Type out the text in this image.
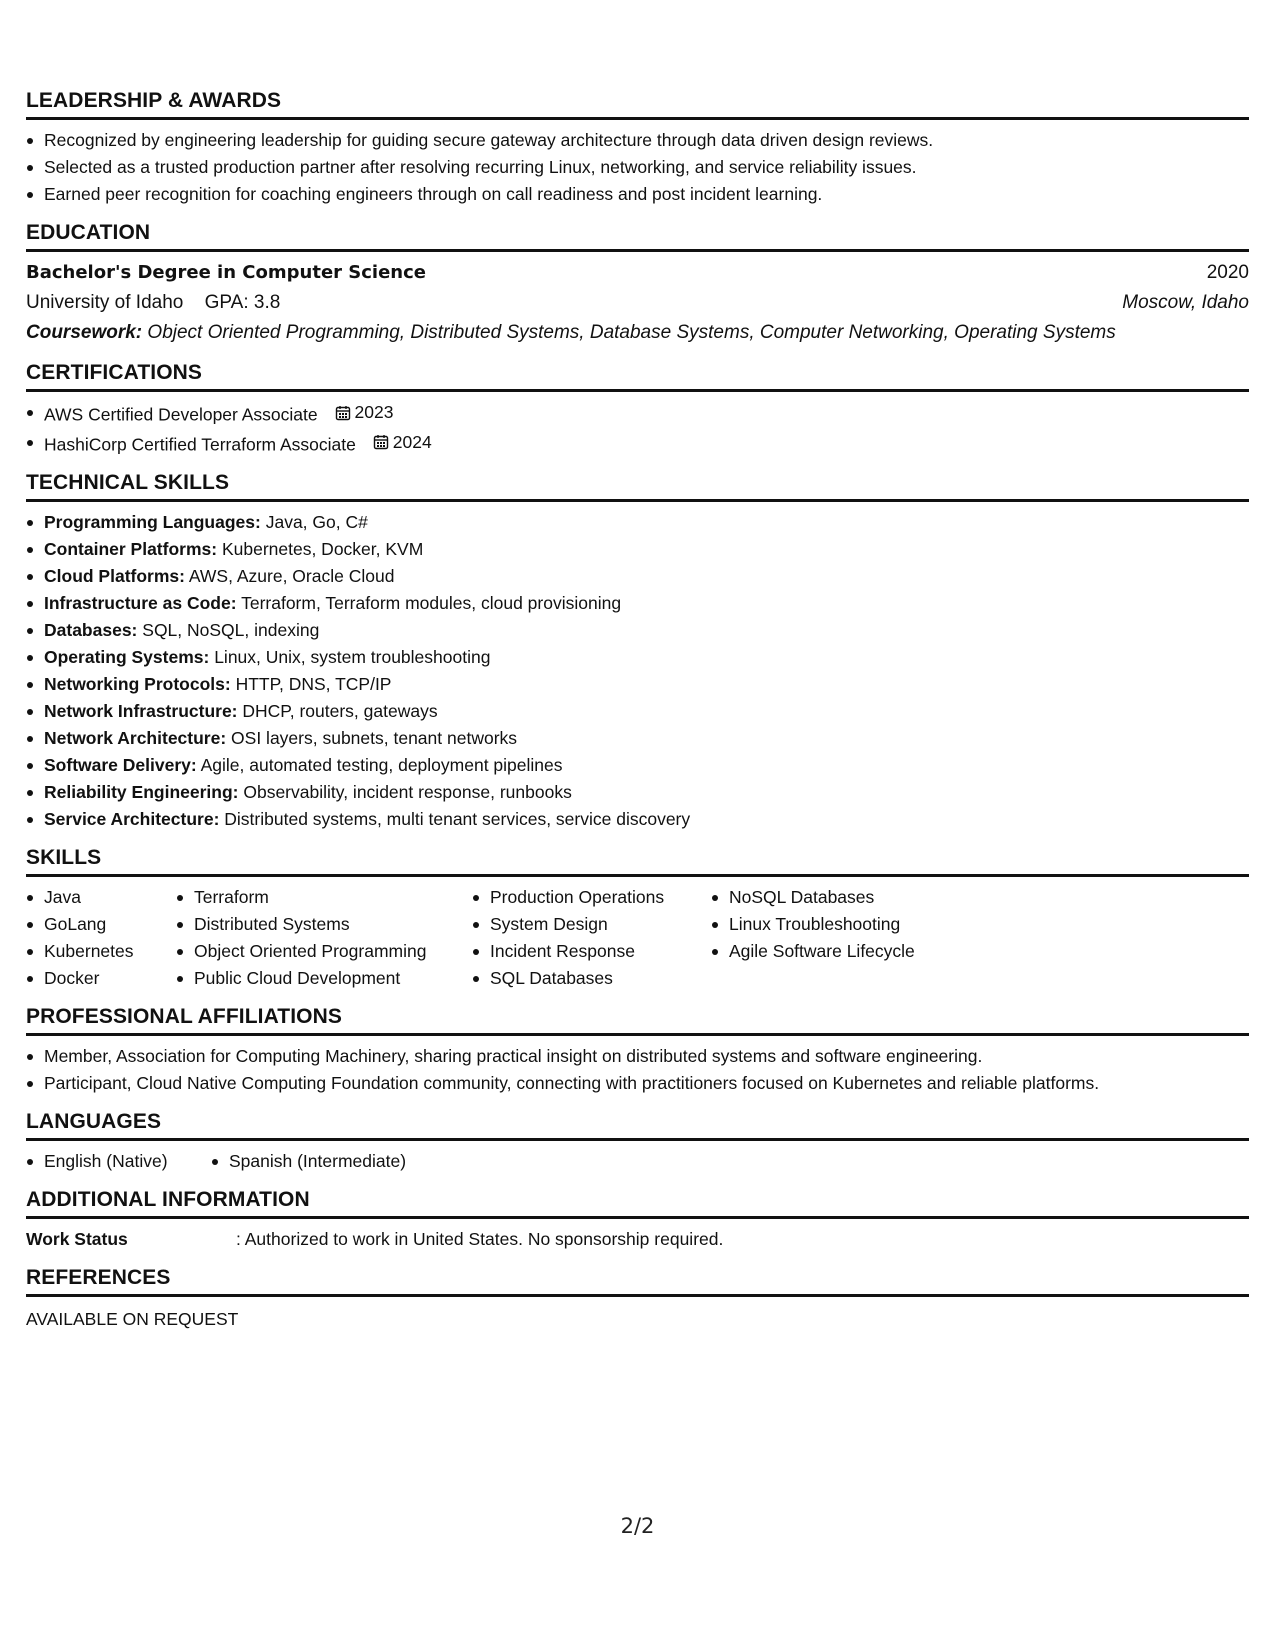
LEADERSHIP & AWARDS
Recognized by engineering leadership for guiding secure gateway architecture through data driven design reviews.
Selected as a trusted production partner after resolving recurring Linux, networking, and service reliability issues.
Earned peer recognition for coaching engineers through on call readiness and post incident learning.
EDUCATION
Bachelor's Degree in Computer Science	2020
University of Idaho GPA: 3.8	Moscow, Idaho
Coursework: Object Oriented Programming, Distributed Systems, Database Systems, Computer Networking, Operating Systems
CERTIFICATIONS
AWS Certified Developer Associate 2023
HashiCorp Certified Terraform Associate 2024
TECHNICAL SKILLS
Programming Languages: Java, Go, C#
Container Platforms: Kubernetes, Docker, KVM
Cloud Platforms: AWS, Azure, Oracle Cloud
Infrastructure as Code: Terraform, Terraform modules, cloud provisioning
Databases: SQL, NoSQL, indexing
Operating Systems: Linux, Unix, system troubleshooting
Networking Protocols: HTTP, DNS, TCP/IP
Network Infrastructure: DHCP, routers, gateways
Network Architecture: OSI layers, subnets, tenant networks
Software Delivery: Agile, automated testing, deployment pipelines
Reliability Engineering: Observability, incident response, runbooks
Service Architecture: Distributed systems, multi tenant services, service discovery
SKILLS
Java
GoLang
Kubernetes
Docker
Terraform
Distributed Systems
Object Oriented Programming
Public Cloud Development
Production Operations
System Design
Incident Response
SQL Databases
NoSQL Databases
Linux Troubleshooting
Agile Software Lifecycle
PROFESSIONAL AFFILIATIONS
Member, Association for Computing Machinery, sharing practical insight on distributed systems and software engineering.
Participant, Cloud Native Computing Foundation community, connecting with practitioners focused on Kubernetes and reliable platforms.
LANGUAGES
English (Native)	Spanish (Intermediate)
ADDITIONAL INFORMATION
Work Status	: Authorized to work in United States. No sponsorship required.
REFERENCES
AVAILABLE ON REQUEST
2/2
